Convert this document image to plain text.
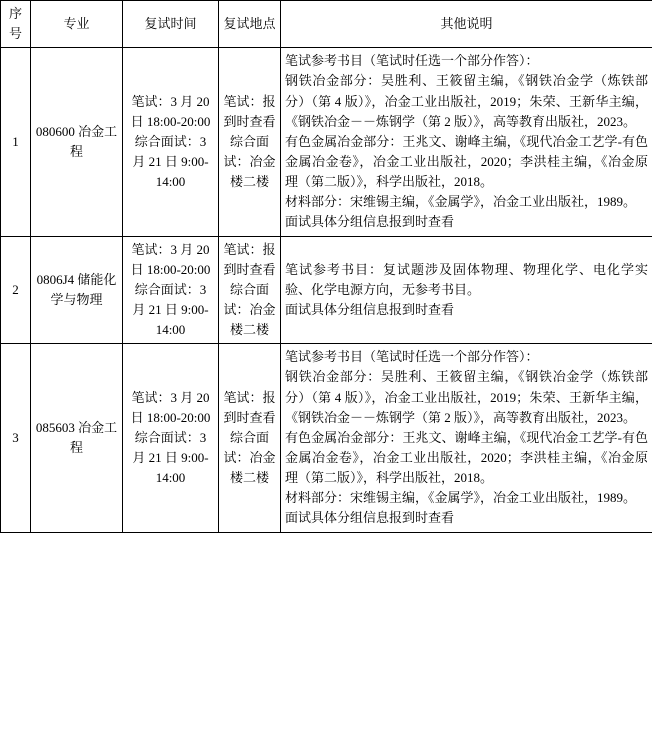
序号	专业	复试时间	复试地点	其他说明
1	080600 冶金工程	笔试：3 月 20 日 18:00-20:00 综合面试：3 月 21 日 9:00-14:00	笔试：报到时查看 综合面试：冶金楼二楼	笔试参考书目（笔试时任选一个部分作答）：

钢铁冶金部分：吴胜利、王筱留主编，《钢铁冶金学（炼铁部分）（第 4 版）》，冶金工业出版社，2019；朱荣、王新华主编，《钢铁冶金－－炼钢学（第 2 版）》，高等教育出版社，2023。

有色金属冶金部分：王兆文、谢峰主编，《现代冶金工艺学-有色金属冶金卷》，冶金工业出版社，2020；李洪桂主编，《冶金原理（第二版）》，科学出版社，2018。

材料部分：宋维锡主编，《金属学》，冶金工业出版社，1989。

面试具体分组信息报到时查看

2	0806J4 储能化学与物理	笔试：3 月 20 日 18:00-20:00 综合面试：3 月 21 日 9:00-14:00	笔试：报到时查看 综合面试：冶金楼二楼	笔试参考书目：复试题涉及固体物理、物理化学、电化学实验、化学电源方向，无参考书目。

面试具体分组信息报到时查看

3	085603 冶金工程	笔试：3 月 20 日 18:00-20:00 综合面试：3 月 21 日 9:00-14:00	笔试：报到时查看 综合面试：冶金楼二楼	笔试参考书目（笔试时任选一个部分作答）：

钢铁冶金部分：吴胜利、王筱留主编，《钢铁冶金学（炼铁部分）（第 4 版）》，冶金工业出版社，2019；朱荣、王新华主编，《钢铁冶金－－炼钢学（第 2 版）》，高等教育出版社，2023。

有色金属冶金部分：王兆文、谢峰主编，《现代冶金工艺学-有色金属冶金卷》，冶金工业出版社，2020；李洪桂主编，《冶金原理（第二版）》，科学出版社，2018。

材料部分：宋维锡主编，《金属学》，冶金工业出版社，1989。

面试具体分组信息报到时查看
